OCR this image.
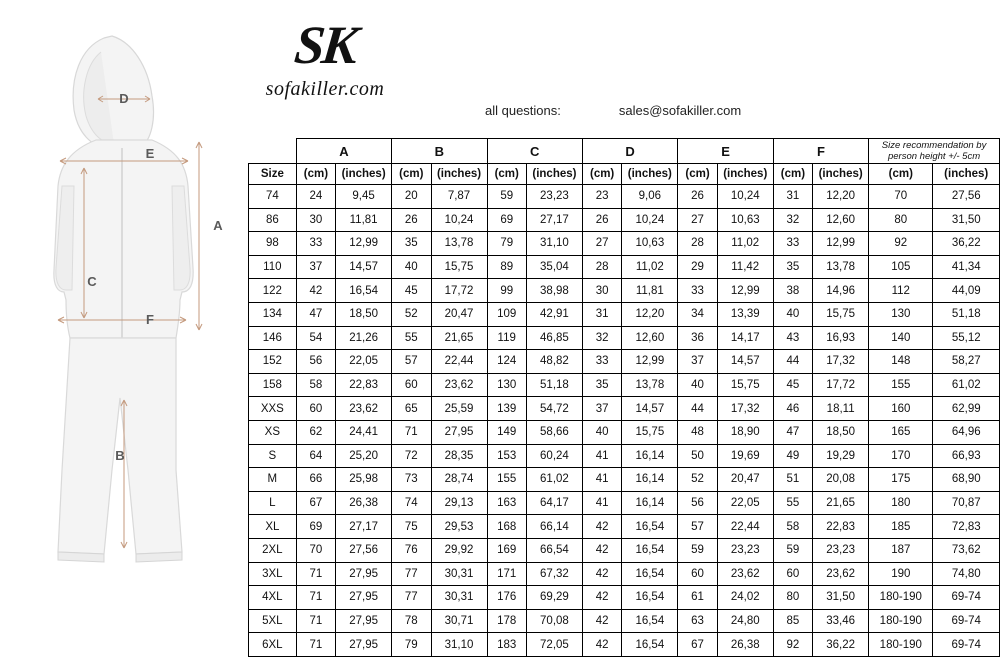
D
E
A
C
F
B
SK
sofakiller.com
all questions:	sales@sofakiller.com
	A		B		C		D		E		F		Size recommendation by person height +/- 5cm	
Size	(cm)	(inches)	(cm)	(inches)	(cm)	(inches)	(cm)	(inches)	(cm)	(inches)	(cm)	(inches)	(cm)	(inches)
74	24	9,45	20	7,87	59	23,23	23	9,06	26	10,24	31	12,20	70	27,56
86	30	11,81	26	10,24	69	27,17	26	10,24	27	10,63	32	12,60	80	31,50
98	33	12,99	35	13,78	79	31,10	27	10,63	28	11,02	33	12,99	92	36,22
110	37	14,57	40	15,75	89	35,04	28	11,02	29	11,42	35	13,78	105	41,34
122	42	16,54	45	17,72	99	38,98	30	11,81	33	12,99	38	14,96	112	44,09
134	47	18,50	52	20,47	109	42,91	31	12,20	34	13,39	40	15,75	130	51,18
146	54	21,26	55	21,65	119	46,85	32	12,60	36	14,17	43	16,93	140	55,12
152	56	22,05	57	22,44	124	48,82	33	12,99	37	14,57	44	17,32	148	58,27
158	58	22,83	60	23,62	130	51,18	35	13,78	40	15,75	45	17,72	155	61,02
XXS	60	23,62	65	25,59	139	54,72	37	14,57	44	17,32	46	18,11	160	62,99
XS	62	24,41	71	27,95	149	58,66	40	15,75	48	18,90	47	18,50	165	64,96
S	64	25,20	72	28,35	153	60,24	41	16,14	50	19,69	49	19,29	170	66,93
M	66	25,98	73	28,74	155	61,02	41	16,14	52	20,47	51	20,08	175	68,90
L	67	26,38	74	29,13	163	64,17	41	16,14	56	22,05	55	21,65	180	70,87
XL	69	27,17	75	29,53	168	66,14	42	16,54	57	22,44	58	22,83	185	72,83
2XL	70	27,56	76	29,92	169	66,54	42	16,54	59	23,23	59	23,23	187	73,62
3XL	71	27,95	77	30,31	171	67,32	42	16,54	60	23,62	60	23,62	190	74,80
4XL	71	27,95	77	30,31	176	69,29	42	16,54	61	24,02	80	31,50	180-190	69-74
5XL	71	27,95	78	30,71	178	70,08	42	16,54	63	24,80	85	33,46	180-190	69-74
6XL	71	27,95	79	31,10	183	72,05	42	16,54	67	26,38	92	36,22	180-190	69-74
